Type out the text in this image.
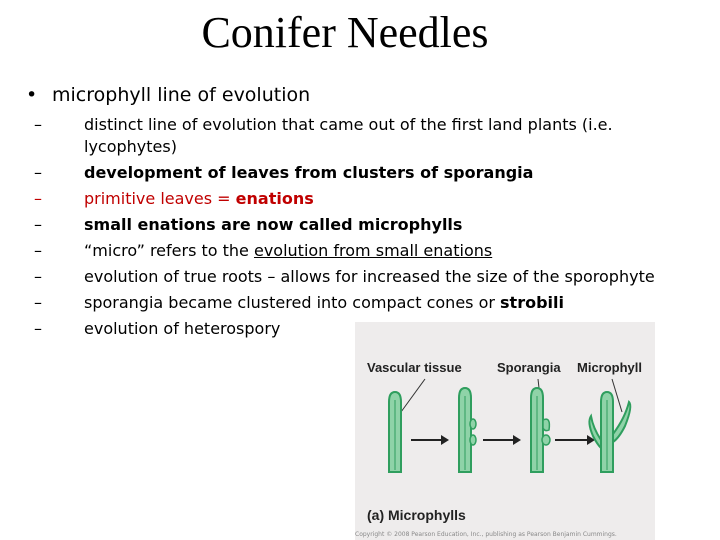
Conifer Needles
• microphyll line of evolution
–	distinct line of evolution that came out of the first land plants (i.e. lycophytes)
–	development of leaves from clusters of sporangia
–	primitive leaves = enations
–	small enations are now called microphylls
–	“micro” refers to the evolution from small enations
–	evolution of true roots – allows for increased the size of the sporophyte
–	sporangia became clustered into compact cones or strobili
–	evolution of heterospory
Vascular tissue	Sporangia Microphyll
(a) Microphylls
Copyright © 2008 Pearson Education, Inc., publishing as Pearson Benjamin Cummings.
